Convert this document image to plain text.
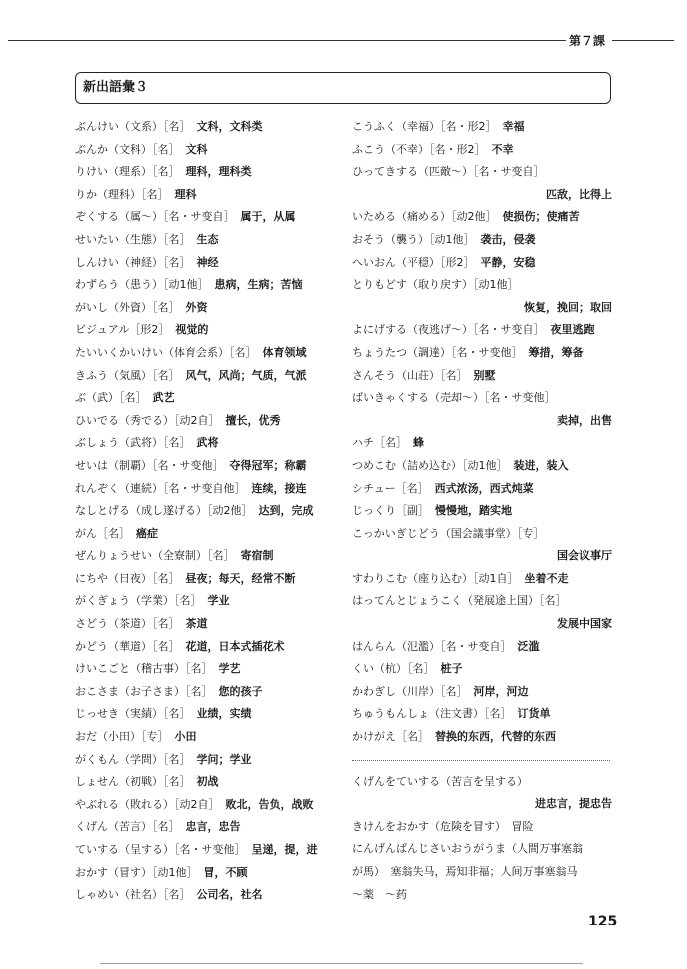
第７課
新出語彙３
ぶんけい（文系）［名］ 文科，文科类
ぶんか（文科）［名］ 文科
りけい（理系）［名］ 理科，理科类
りか（理科）［名］ 理科
ぞくする（属～）［名・サ变自］ 属于，从属
せいたい（生態）［名］ 生态
しんけい（神経）［名］ 神经
わずらう（患う）［动1他］ 患病，生病；苦恼
がいし（外資）［名］ 外资
ビジュアル［形2］ 视觉的
たいいくかいけい（体育会系）［名］ 体育领域
きふう（気風）［名］ 风气，风尚；气质，气派
ぶ（武）［名］ 武艺
ひいでる（秀でる）［动2自］ 擅长，优秀
ぶしょう（武将）［名］ 武将
せいは（制覇）［名・サ变他］ 夺得冠军；称霸
れんぞく（連続）［名・サ变自他］ 连续，接连
なしとげる（成し遂げる）［动2他］ 达到，完成
がん［名］ 癌症
ぜんりょうせい（全寮制）［名］ 寄宿制
にちや（日夜）［名］ 昼夜；每天，经常不断
がくぎょう（学業）［名］ 学业
さどう（茶道）［名］ 茶道
かどう（華道）［名］ 花道，日本式插花术
けいこごと（稽古事）［名］ 学艺
おこさま（お子さま）［名］ 您的孩子
じっせき（実績）［名］ 业绩，实绩
おだ（小田）［专］ 小田
がくもん（学問）［名］ 学问；学业
しょせん（初戦）［名］ 初战
やぶれる（敗れる）［动2自］ 败北，告负，战败
くげん（苦言）［名］ 忠言，忠告
ていする（呈する）［名・サ变他］ 呈递，提，进
おかす（冒す）［动1他］ 冒，不顾
しゃめい（社名）［名］ 公司名，社名
こうふく（幸福）［名・形2］ 幸福
ふこう（不幸）［名・形2］ 不幸
ひってきする（匹敵～）［名・サ变自］
匹敌，比得上
いためる（痛める）［动2他］ 使损伤；使痛苦
おそう（襲う）［动1他］ 袭击，侵袭
へいおん（平穏）［形2］ 平静，安稳
とりもどす（取り戻す）［动1他］
恢复，挽回；取回
よにげする（夜逃げ～）［名・サ变自］ 夜里逃跑
ちょうたつ（調達）［名・サ变他］ 筹措，筹备
さんそう（山荘）［名］ 别墅
ばいきゃくする（売却～）［名・サ变他］
卖掉，出售
ハチ［名］ 蜂
つめこむ（詰め込む）［动1他］ 装进，装入
シチュー［名］ 西式浓汤，西式炖菜
じっくり［副］ 慢慢地，踏实地
こっかいぎじどう（国会議事堂）［专］
国会议事厅
すわりこむ（座り込む）［动1自］ 坐着不走
はってんとじょうこく（発展途上国）［名］
发展中国家
はんらん（氾濫）［名・サ变自］ 泛滥
くい（杭）［名］ 桩子
かわぎし（川岸）［名］ 河岸，河边
ちゅうもんしょ（注文書）［名］ 订货单
かけがえ［名］ 替换的东西，代替的东西
くげんをていする（苦言を呈する）
进忠言，提忠告
きけんをおかす（危険を冒す）　冒险
にんげんばんじさいおうがうま（人間万事塞翁
が馬）　塞翁失马，焉知非福；人间万事塞翁马
～薬　～药
125
